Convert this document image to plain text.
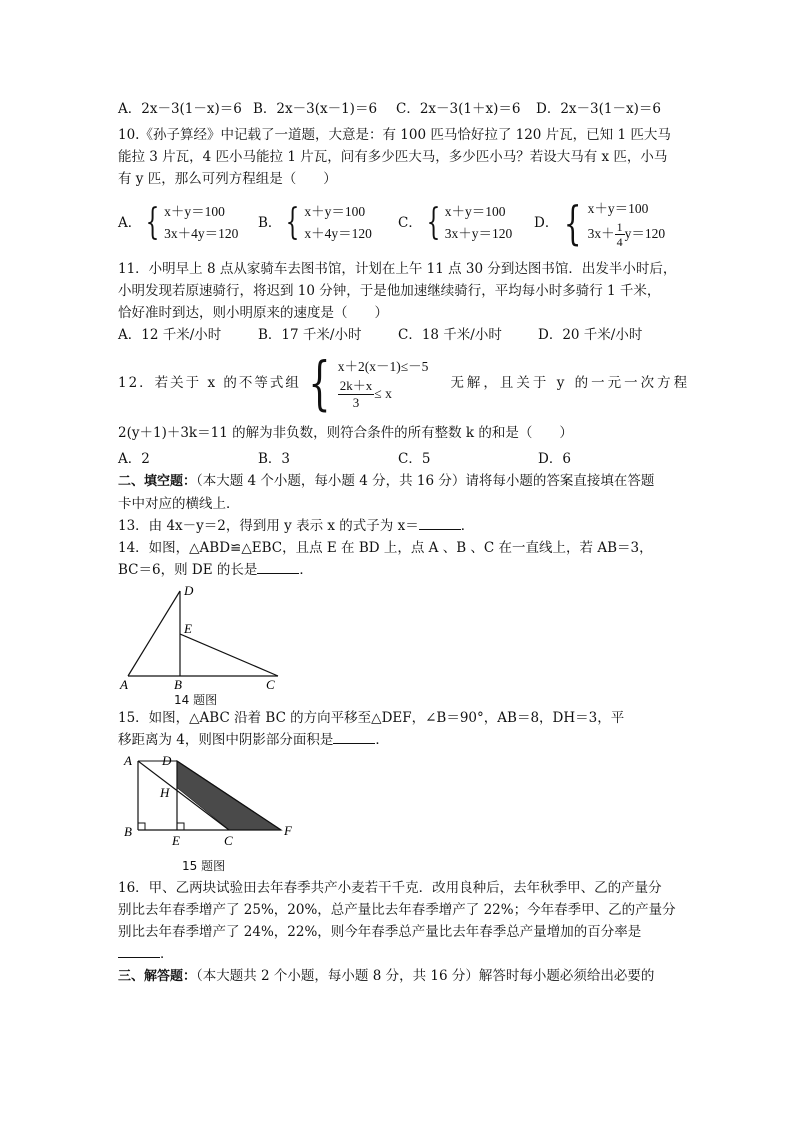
A．2x－3(1－x)＝6 B．2x－3(x－1)＝6	C．2x－3(1＋x)＝6	D．2x－3(1－x)＝6
10.《孙子算经》中记载了一道题，大意是：有 100 匹马恰好拉了 120 片瓦，已知 1 匹大马
能拉 3 片瓦，4 匹小马能拉 1 片瓦，问有多少匹大马，多少匹小马？若设大马有 x 匹，小马
有 y 匹，那么可列方程组是（　　）
A． { x＋y＝100
3x＋4y＝120
B． { x＋y＝100
x＋4y＝120
C． { x＋y＝100
3x＋y＝120
D． { x＋y＝100
$3x+ \frac{1}{4} y=120$
11．小明早上 8 点从家骑车去图书馆，计划在上午 11 点 30 分到达图书馆．出发半小时后，
小明发现若原速骑行，将迟到 10 分钟，于是他加速继续骑行，平均每小时多骑行 1 千米，
恰好准时到达，则小明原来的速度是（　　）
A．12 千米/小时	B．17 千米/小时	C．18 千米/小时	D．20 千米/小时
12．若关于 x 的不等式组 { x＋2(x－1)≤－5
$\frac{2k+x}{3} \le x$
无解，且关于 y 的一元一次方程
2(y＋1)＋3k＝11 的解为非负数，则符合条件的所有整数 k 的和是（　　）
A．2	B．3	C．5	D．6
二、填空题：（本大题 4 个小题，每小题 4 分，共 16 分）请将每小题的答案直接填在答题
卡中对应的横线上．
13．由 4x－y＝2，得到用 y 表示 x 的式子为 x＝	．
14．如图，△ABD≌△EBC，且点 E 在 BD 上，点 A 、B 、C 在一直线上，若 AB＝3，
BC＝6，则 DE 的长是	．
D
E
A	B	C
14 题图
15．如图，△ABC 沿着 BC 的方向平移至△DEF，∠B＝90°，AB＝8，DH＝3，平
移距离为 4，则图中阴影部分面积是	．
A D
H
B
E	C
F
15 题图
16．甲、乙两块试验田去年春季共产小麦若干千克．改用良种后，去年秋季甲、乙的产量分
别比去年春季增产了 25%，20%，总产量比去年春季增产了 22%；今年春季甲、乙的产量分
别比去年春季增产了 24%，22%，则今年春季总产量比去年春季总产量增加的百分率是
．
三、解答题：（本大题共 2 个小题，每小题 8 分，共 16 分）解答时每小题必须给出必要的
